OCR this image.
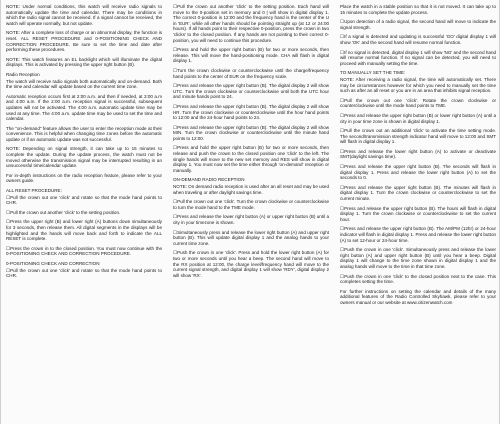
NOTE: Under normal conditions, this watch will receive radio signals to automatically update the time and calendar. There may be conditions in which the radio signal cannot be received. If a signal cannot be received, the watch will operate normally, but not update.

NOTE: After a complete loss of charge or an abnormal display, the function is reset. ALL RESET PROCEDURE and 0-POSITIONING CHECK AND CORRECTION PROCEDURE. Be sure to set the time and date after performing these procedures.

NOTE: This watch features an EL backlight which will illuminate the digital displays. This is activated by pressing the upper right button (B).

Radio Reception

The watch will receive radio signals both automatically and on-demand. Both the time and calendar will update based on the current time zone.

Automatic reception occurs first at 2:00 a.m. and then if needed, at 3:00 a.m and 4:00 a.m. If the 2:00 a.m. reception signal is successful, subsequent updates will not be activated. The 4:00 a.m. automatic update time may be used at any time. The 4:00 a.m. update time may be used to set the time and calendar.

The "on-demand" feature allows the user to enter the reception mode at their convenience. This is helpful when changing time zones before the automatic update or if an automatic update was not successful.

NOTE: Depending on signal strength, it can take up to 15 minutes to complete the update. During the update process, the watch must not be moved otherwise the transmission signal may be interrupted resulting in an unsuccessful time/calendar update.

For in-depth instructions on the radio reception feature, please refer to your owners guide.

ALL RESET PROCEDURE:

☐Pull the crown out one 'click' and rotate so that the mode hand points to CHR.

☐Pull the crown out another 'click' to the setting position.

☐Press the upper right (B) and lower right (A) buttons down simultaneously for 3 seconds, then release them. All digital segments in the displays will be highlighted and the hands will move back and forth to indicate the ALL RESET is complete.

☐Press the crown in to the closed position. You must now continue with the 0-POSITIONING CHECK AND CORRECTION PROCEDURE.

0-POSITIONING CHECK AND CORRECTION

☐Pull the crown out one 'click' and rotate so that the mode hand points to CHR.

☐Pull the crown out another 'click' to the setting position. Each hand will move to the 0-position set in memory and 0 | will show in digital display 1. The correct 0-position is 12:00 and the frequency hand is the center of the U in 'EUR', while all other hands should be pointing straight up (at 12 or 24:00 hours). If all hands point to their respective 0-position, press the crown in two 'clicks' to the closed position. If any hands are not pointing to their correct 0-position, you will need to continue this procedure.

☐Press and hold the upper right button (B) for two or more seconds, then release. This will move the hand-positioning mode. CHA will flash in digital display 1.

☐Turn the crown clockwise or counterclockwise until the charge/frequency hand points to the center of EUR on the frequency scale.

☐Press and release the upper right button (B). The digital display 2 will show UTC. Turn the crown clockwise or counterclockwise until both the UTC hour and minute hands point to 24.

☐Press and release the upper right button (B). The digital display 2 will show HR. Turn the crown clockwise or counterclockwise until the hour hand points to 12:00 and the 24-hour hand points to 24.

☐Press and release the upper right button (B). The digital display 2 will show MIN. Turn the crown clockwise or counterclockwise until the minute hand points to 12:00.

☐Press and hold the upper right button (B) for two or more seconds, then release and push the crown to the closed position one 'click' to the left. The single hands will move to the new set memory and RES will show in digital display 1. You must now set the time either through 'on-demand' reception or manually.

ON-DEMAND RADIO RECEPTION

NOTE: On demand radio reception is used after an all reset and may be used when traveling or after daylight savings time.

☐Pull the crown out one 'click'. Turn the crown clockwise or counterclockwise to turn the mode hand to the TME mode.

☐Press and release the lower right button (A) or upper right button (B) until a city in your timezone is shown.

☐Simultaneously press and release the lower right button (A) and upper right button (B). This will update digital display 1 and the analog hands to your current time zone.

☐Push the crown in one 'click'. Press and hold the lower right button (A) for two or more seconds until you hear a beep. The second hand will move to the RX position at 12:00, the charge level/frequency hand will move to the current signal strength, and digital display 1 will show 'RDY', digital display 2 will show 'RX'.

Place the watch in a stable position so that it is not moved. It can take up to 15 minutes to complete the update process.

☐Upon detection of a radio signal, the second hand will move to indicate the signal strength.

☐If a signal is detected and updating is successful 'GO' digital display 1 will show 'OK' and the second hand will resume normal function.

☐If no signal is detected, digital display 1 will show 'NG' and the second hand will resume normal function. If no signal can be detected, you will need to proceed with manually setting the time.

TO MANUALLY SET THE TIME:

NOTE: After receiving a radio signal, the time will automatically set. There may be circumstances however for which you need to manually set the time such as after an all reset or you are in an area that inhibits signal reception.

☐Pull the crown out one 'click'. Rotate the crown clockwise or counterclockwise until the mode hand points to TME.

☐Press and release the upper right button (B) or lower right button (A) until a city in your time zone is shown in digital display 1.

☐Pull the crown out an additional 'click' to activate the time setting mode. The second/transmission strength indicator hand will move to 12:00 and SMT will flash in digital display 1.

☐Press and release the lower right button (A) to activate or deactivate SMT(daylight savings time).

☐Press and release the upper right button (B). The seconds will flash in digital display 1. Press and release the lower right button (A) to set the seconds to 0.

☐Press and release the upper right button (B). The minutes will flash in digital display 1. Turn the crown clockwise or counterclockwise to set the current minute.

☐Press and release the upper right button (B). The hours will flash in digital display 1. Turn the crown clockwise or counterclockwise to set the current hour.

☐Press and release the upper right button (B). The AM/PM (12hr) or 24-hour indicator will flash in digital display 1. Press and release the lower right button (A) to set 12-hour or 24-hour time.

☐Push the crown in one 'click'. Simultaneously press and release the lower right button (A) and upper right button (B) until you hear a beep. Digital display 1 will change to the time zone shown in digital display 1 and the analog hands will move to the time in that time zone.

☐Push the crown in one 'click' to the closed position next to the case. This completes setting the time.

For further instructions on setting the calendar and details of the many additional features of the Radio Controlled Skyhawk, please refer to your owners manual or our website at www.citizenwatch.com
